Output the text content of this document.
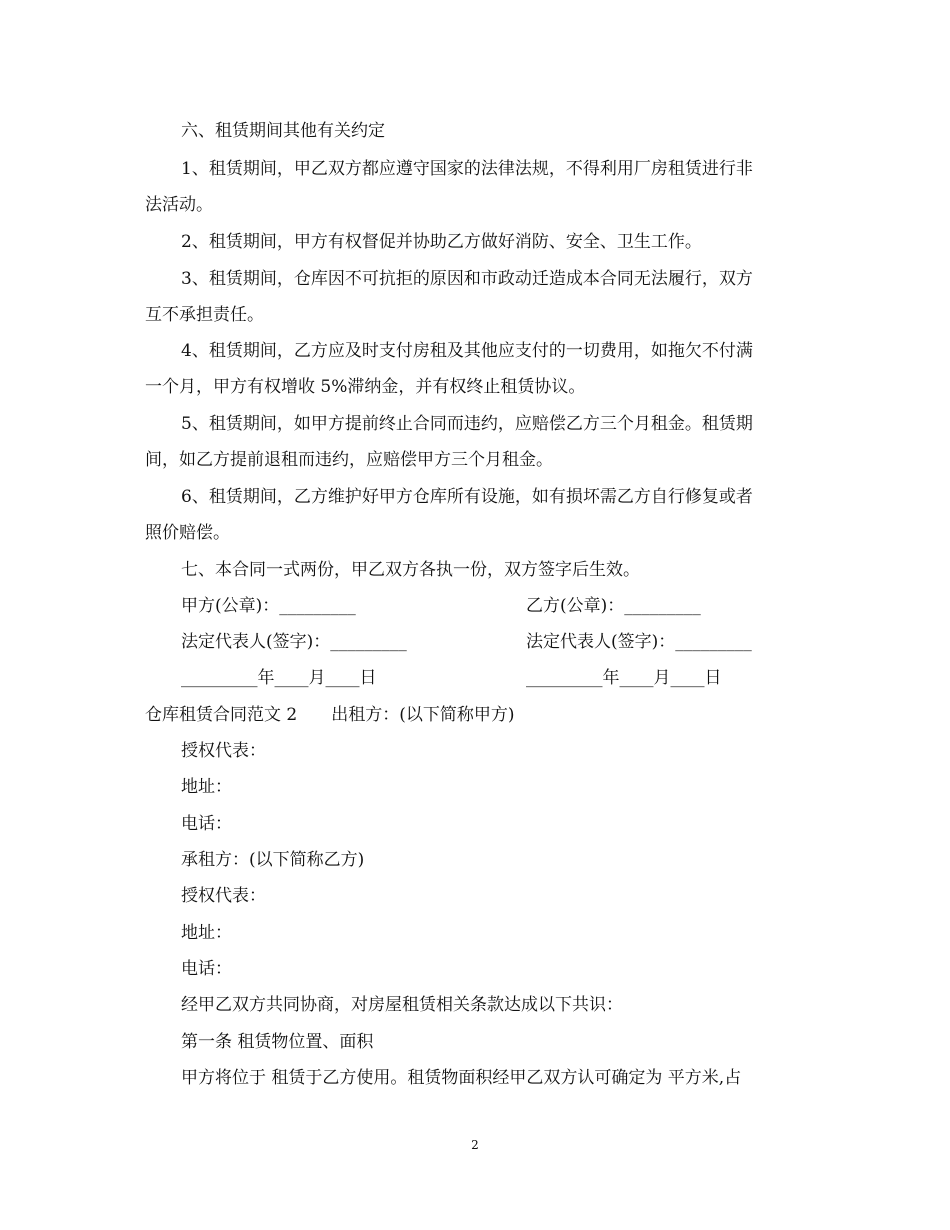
六、租赁期间其他有关约定
1、租赁期间，甲乙双方都应遵守国家的法律法规，不得利用厂房租赁进行非
法活动。
2、租赁期间，甲方有权督促并协助乙方做好消防、安全、卫生工作。
3、租赁期间，仓库因不可抗拒的原因和市政动迁造成本合同无法履行，双方
互不承担责任。
4、租赁期间，乙方应及时支付房租及其他应支付的一切费用，如拖欠不付满
一个月，甲方有权增收 5%滞纳金，并有权终止租赁协议。
5、租赁期间，如甲方提前终止合同而违约，应赔偿乙方三个月租金。租赁期
间，如乙方提前退租而违约，应赔偿甲方三个月租金。
6、租赁期间，乙方维护好甲方仓库所有设施，如有损坏需乙方自行修复或者
照价赔偿。
七、本合同一式两份，甲乙双方各执一份，双方签字后生效。
甲方(公章)：_________	乙方(公章)：_________
法定代表人(签字)：_________	法定代表人(签字)：_________
_________年____月____日	_________年____月____日
仓库租赁合同范文 2　　出租方：(以下简称甲方)
授权代表：
地址：
电话：
承租方：(以下简称乙方)
授权代表：
地址：
电话：
经甲乙双方共同协商，对房屋租赁相关条款达成以下共识：
第一条 租赁物位置、面积
甲方将位于 租赁于乙方使用。租赁物面积经甲乙双方认可确定为 平方米,占
2
